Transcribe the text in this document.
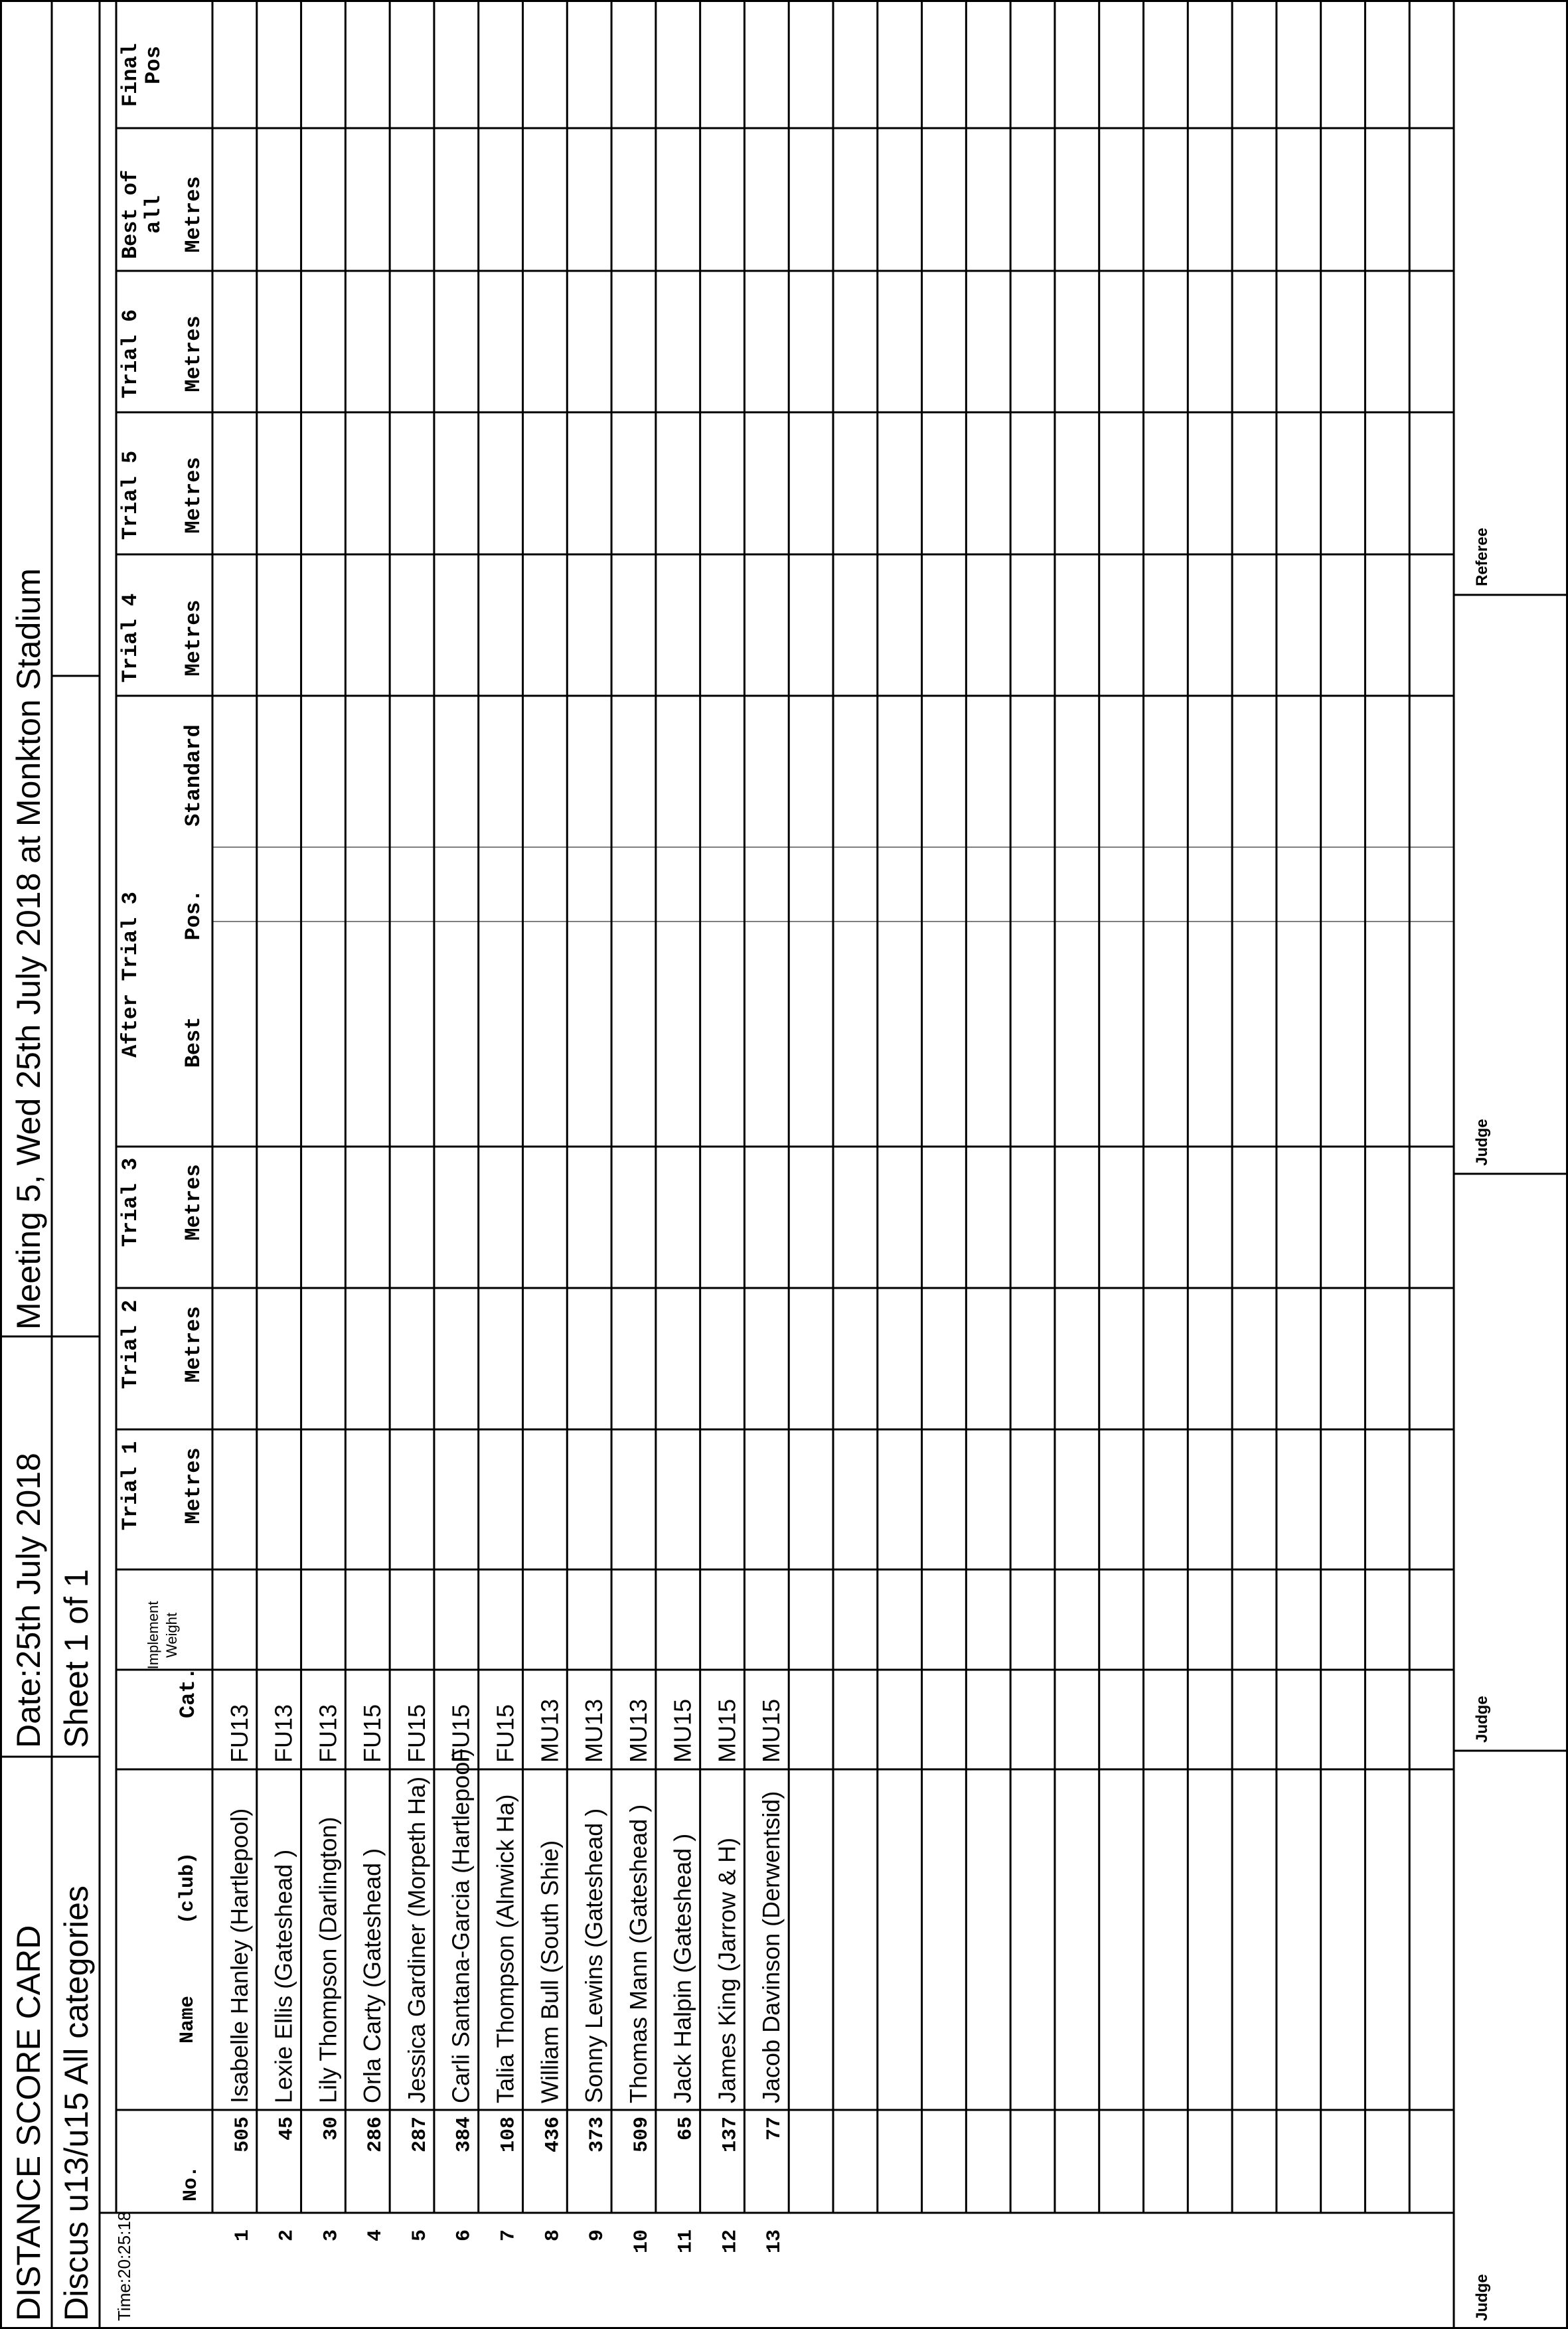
DISTANCE SCORE CARD
Date:25th July 2018
Meeting 5, Wed 25th July 2018 at Monkton Stadium
Discus u13/u15 All categories
Sheet 1 of 1
Time:20:25:18
No.
Name
(club)
Cat.
Implement Weight
Trial 1 Metres
Trial 2 Metres
Trial 3 Metres
After Trial 3 Best
Pos.
Standard
Trial 4 Metres
Trial 5 Metres
Trial 6 Metres
Best of
all Metres
Final
Pos
1
505
Isabelle Hanley (Hartlepool)
FU13
2
45
Lexie Ellis (Gateshead )
FU13
3
30
Lily Thompson (Darlington)
FU13
4
286
Orla Carty (Gateshead )
FU15
5
287
Jessica Gardiner (Morpeth Ha)
FU15
6
384
Carli Santana-Garcia (Hartlepool)
FU15
7
108
Talia Thompson (Alnwick Ha)
FU15
8
436
William Bull (South Shie)
MU13
9
373
Sonny Lewins (Gateshead )
MU13
10
509
Thomas Mann (Gateshead )
MU13
11
65
Jack Halpin (Gateshead )
MU15
12
137
James King (Jarrow & H)
MU15
13
77
Jacob Davinson (Derwentsid)
MU15
Judge
Judge
Judge
Referee
